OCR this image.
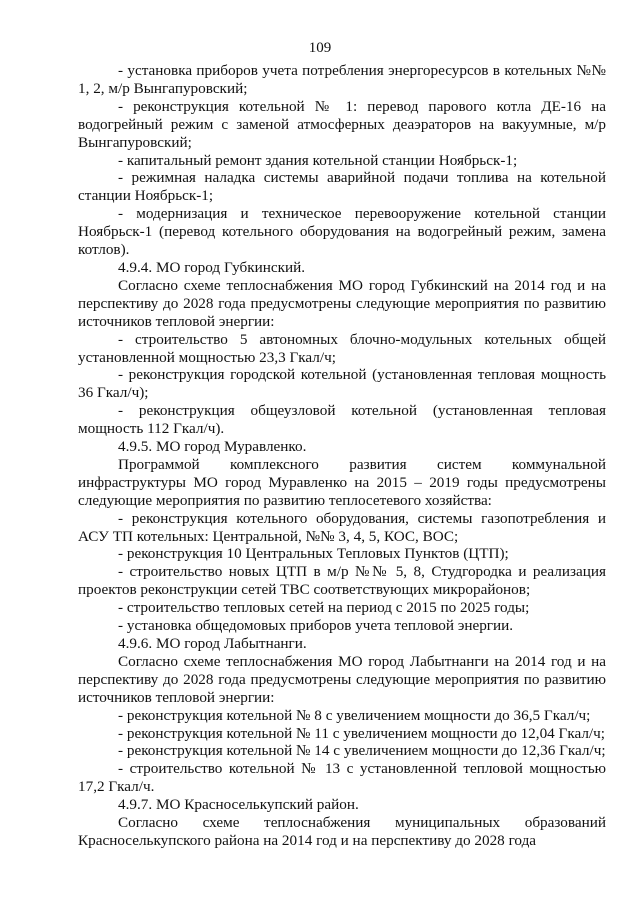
109

- установка приборов учета потребления энергоресурсов в котельных №№ 1, 2, м/р Вынгапуровский;

- реконструкция котельной № 1: перевод парового котла ДЕ-16 на водогрейный режим с заменой атмосферных деаэраторов на вакуумные, м/р Вынгапуровский;

- капитальный ремонт здания котельной станции Ноябрьск-1;

- режимная наладка системы аварийной подачи топлива на котельной станции Ноябрьск-1;

- модернизация и техническое перевооружение котельной станции Ноябрьск-1 (перевод котельного оборудования на водогрейный режим, замена котлов).

4.9.4. МО город Губкинский.

Согласно схеме теплоснабжения МО город Губкинский на 2014 год и на перспективу до 2028 года предусмотрены следующие мероприятия по развитию источников тепловой энергии:

- строительство 5 автономных блочно-модульных котельных общей установленной мощностью 23,3 Гкал/ч;

- реконструкция городской котельной (установленная тепловая мощность 36 Гкал/ч);

- реконструкция общеузловой котельной (установленная тепловая мощность 112 Гкал/ч).

4.9.5. МО город Муравленко.

Программой комплексного развития систем коммунальной инфраструктуры МО город Муравленко на 2015 – 2019 годы предусмотрены следующие мероприятия по развитию теплосетевого хозяйства:

- реконструкция котельного оборудования, системы газопотребления и АСУ ТП котельных: Центральной, №№ 3, 4, 5, КОС, ВОС;

- реконструкция 10 Центральных Тепловых Пунктов (ЦТП);

- строительство новых ЦТП в м/р №№ 5, 8, Студгородка и реализация проектов реконструкции сетей ТВС соответствующих микрорайонов;

- строительство тепловых сетей на период с 2015 по 2025 годы;

- установка общедомовых приборов учета тепловой энергии.

4.9.6. МО город Лабытнанги.

Согласно схеме теплоснабжения МО город Лабытнанги на 2014 год и на перспективу до 2028 года предусмотрены следующие мероприятия по развитию источников тепловой энергии:

- реконструкция котельной № 8 с увеличением мощности до 36,5 Гкал/ч;

- реконструкция котельной № 11 с увеличением мощности до 12,04 Гкал/ч;

- реконструкция котельной № 14 с увеличением мощности до 12,36 Гкал/ч;

- строительство котельной № 13 с установленной тепловой мощностью 17,2 Гкал/ч.

4.9.7. МО Красноселькупский район.

Согласно схеме теплоснабжения муниципальных образований Красноселькупского района на 2014 год и на перспективу до 2028 года
